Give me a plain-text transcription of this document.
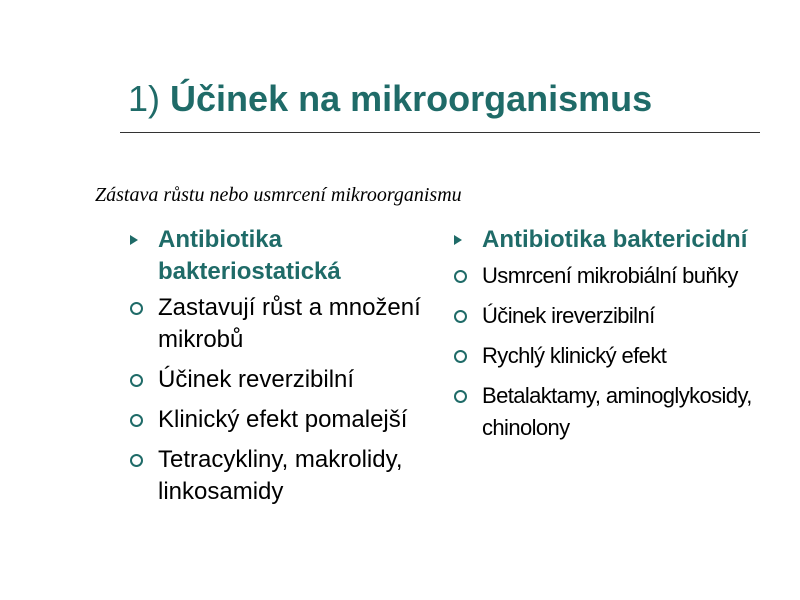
1) Účinek na mikroorganismus
Zástava růstu nebo usmrcení mikroorganismu
Antibiotika bakteriostatická
Zastavují růst a množení mikrobů
Účinek reverzibilní
Klinický efekt pomalejší
Tetracykliny, makrolidy, linkosamidy
Antibiotika baktericidní
Usmrcení mikrobiální buňky
Účinek ireverzibilní
Rychlý klinický efekt
Betalaktamy, aminoglykosidy, chinolony
